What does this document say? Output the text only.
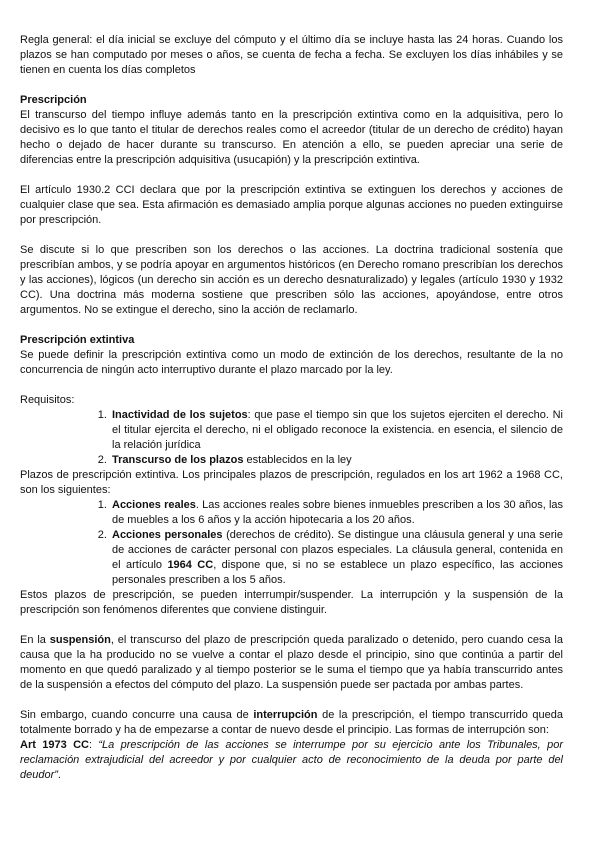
Regla general: el día inicial se excluye del cómputo y el último día se incluye hasta las 24 horas. Cuando los plazos se han computado por meses o años, se cuenta de fecha a fecha. Se excluyen los días inhábiles y se tienen en cuenta los días completos

Prescripción

El transcurso del tiempo influye además tanto en la prescripción extintiva como en la adquisitiva, pero lo decisivo es lo que tanto el titular de derechos reales como el acreedor (titular de un derecho de crédito) hayan hecho o dejado de hacer durante su transcurso. En atención a ello, se pueden apreciar una serie de diferencias entre la prescripción adquisitiva (usucapión) y la prescripción extintiva.

El artículo 1930.2 CCI declara que por la prescripción extintiva se extinguen los derechos y acciones de cualquier clase que sea. Esta afirmación es demasiado amplia porque algunas acciones no pueden extinguirse por prescripción.

Se discute si lo que prescriben son los derechos o las acciones. La doctrina tradicional sostenía que prescribían ambos, y se podría apoyar en argumentos históricos (en Derecho romano prescribían los derechos y las acciones), lógicos (un derecho sin acción es un derecho desnaturalizado) y legales (artículo 1930 y 1932 CC). Una doctrina más moderna sostiene que prescriben sólo las acciones, apoyándose, entre otros argumentos. No se extingue el derecho, sino la acción de reclamarlo.

Prescripción extintiva

Se puede definir la prescripción extintiva como un modo de extinción de los derechos, resultante de la no concurrencia de ningún acto interruptivo durante el plazo marcado por la ley.

Requisitos:

1. Inactividad de los sujetos: que pase el tiempo sin que los sujetos ejerciten el derecho. Ni el titular ejercita el derecho, ni el obligado reconoce la existencia. en esencia, el silencio de la relación jurídica
2. Transcurso de los plazos establecidos en la ley

Plazos de prescripción extintiva. Los principales plazos de prescripción, regulados en los art 1962 a 1968 CC, son los siguientes:

1. Acciones reales. Las acciones reales sobre bienes inmuebles prescriben a los 30 años, las de muebles a los 6 años y la acción hipotecaria a los 20 años.
2. Acciones personales (derechos de crédito). Se distingue una cláusula general y una serie de acciones de carácter personal con plazos especiales. La cláusula general, contenida en el artículo 1964 CC, dispone que, si no se establece un plazo específico, las acciones personales prescriben a los 5 años.

Estos plazos de prescripción, se pueden interrumpir/suspender. La interrupción y la suspensión de la prescripción son fenómenos diferentes que conviene distinguir.

En la suspensión, el transcurso del plazo de prescripción queda paralizado o detenido, pero cuando cesa la causa que la ha producido no se vuelve a contar el plazo desde el principio, sino que continúa a partir del momento en que quedó paralizado y al tiempo posterior se le suma el tiempo que ya había transcurrido antes de la suspensión a efectos del cómputo del plazo. La suspensión puede ser pactada por ambas partes.

Sin embargo, cuando concurre una causa de interrupción de la prescripción, el tiempo transcurrido queda totalmente borrado y ha de empezarse a contar de nuevo desde el principio. Las formas de interrupción son:

Art 1973 CC: “La prescripción de las acciones se interrumpe por su ejercicio ante los Tribunales, por reclamación extrajudicial del acreedor y por cualquier acto de reconocimiento de la deuda por parte del deudor”.
